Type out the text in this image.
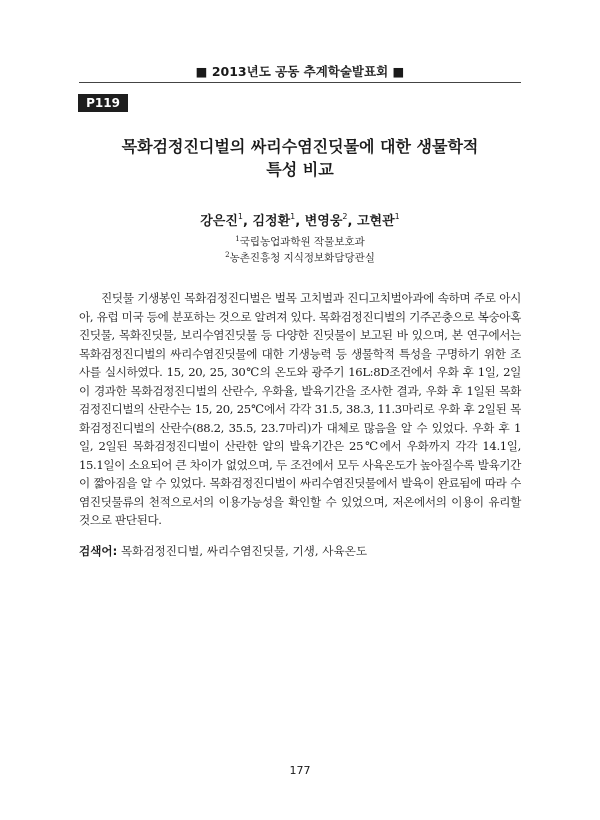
■ 2013년도 공동 추계학술발표회 ■
P119
목화검정진디벌의 싸리수염진딧물에 대한 생물학적
특성 비교
강은진$^1$, 김정환$^1$, 변영웅$^2$, 고현관$^1$
$^1$국립농업과학원 작물보호과
$^2$농촌진흥청 지식정보화담당관실

진딧물 기생봉인 목화검정진디벌은 벌목 고치벌과 진디고치벌아과에 속하며 주로 아시아, 유럽 미국 등에 분포하는 것으로 알려져 있다. 목화검정진디벌의 기주곤충으로 복숭아혹진딧물, 목화진딧물, 보리수염진딧물 등 다양한 진딧물이 보고된 바 있으며, 본 연구에서는 목화검정진디벌의 싸리수염진딧물에 대한 기생능력 등 생물학적 특성을 구명하기 위한 조사를 실시하였다. 15, 20, 25, 30℃의 온도와 광주기 16L:8D조건에서 우화 후 1일, 2일 이 경과한 목화검정진디벌의 산란수, 우화율, 발육기간을 조사한 결과, 우화 후 1일된 목화검정진디벌의 산란수는 15, 20, 25℃에서 각각 31.5, 38.3, 11.3마리로 우화 후 2일된 목화검정진디벌의 산란수(88.2, 35.5, 23.7마리)가 대체로 많음을 알 수 있었다. 우화 후 1일, 2일된 목화검정진디벌이 산란한 알의 발육기간은 25℃에서 우화까지 각각 14.1일, 15.1일이 소요되어 큰 차이가 없었으며, 두 조건에서 모두 사육온도가 높아질수록 발육기간이 짧아짐을 알 수 있었다. 목화검정진디벌이 싸리수염진딧물에서 발육이 완료됨에 따라 수염진딧물류의 천적으로서의 이용가능성을 확인할 수 있었으며, 저온에서의 이용이 유리할 것으로 판단된다.

검색어: 목화검정진디벌, 싸리수염진딧물, 기생, 사육온도
177
